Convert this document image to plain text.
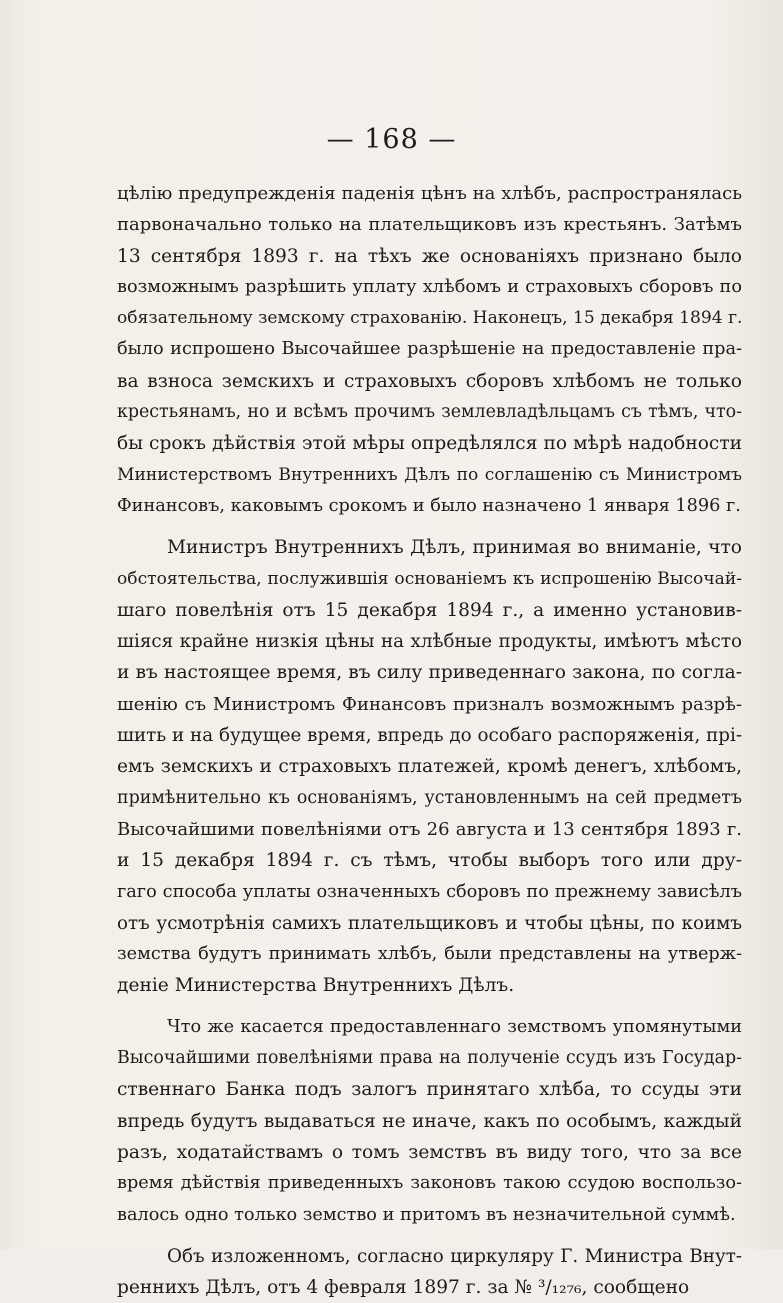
— 168 —
цѣлію предупрежденія паденія цѣнъ на хлѣбъ, распространялась
парвоначально только на плательщиковъ изъ крестьянъ. Затѣмъ
13 сентября 1893 г. на тѣхъ же основаніяхъ признано было
возможнымъ разрѣшить уплату хлѣбомъ и страховыхъ сборовъ по
обязательному земскому страхованію. Наконецъ, 15 декабря 1894 г.
было испрошено Высочайшее разрѣшеніе на предоставленіе пра-
ва взноса земскихъ и страховыхъ сборовъ хлѣбомъ не только
крестьянамъ, но и всѣмъ прочимъ землевладѣльцамъ съ тѣмъ, что-
бы срокъ дѣйствія этой мѣры опредѣлялся по мѣрѣ надобности
Министерствомъ Внутреннихъ Дѣлъ по соглашенію съ Министромъ
Финансовъ, каковымъ срокомъ и было назначено 1 января 1896 г.
Министръ Внутреннихъ Дѣлъ, принимая во вниманіе, что
обстоятельства, послужившія основаніемъ къ испрошенію Высочай-
шаго повелѣнія отъ 15 декабря 1894 г., а именно установив-
шіяся крайне низкія цѣны на хлѣбные продукты, имѣютъ мѣсто
и въ настоящее время, въ силу приведеннаго закона, по согла-
шенію съ Министромъ Финансовъ призналъ возможнымъ разрѣ-
шить и на будущее время, впредь до особаго распоряженія, прі-
емъ земскихъ и страховыхъ платежей, кромѣ денегъ, хлѣбомъ,
примѣнительно къ основаніямъ, установленнымъ на сей предметъ
Высочайшими повелѣніями отъ 26 августа и 13 сентября 1893 г.
и 15 декабря 1894 г. съ тѣмъ, чтобы выборъ того или дру-
гаго способа уплаты означенныхъ сборовъ по прежнему зависѣлъ
отъ усмотрѣнія самихъ плательщиковъ и чтобы цѣны, по коимъ
земства будутъ принимать хлѣбъ, были представлены на утверж-
деніе Министерства Внутреннихъ Дѣлъ.
Что же касается предоставленнаго земствомъ упомянутыми
Высочайшими повелѣніями права на полученіе ссудъ изъ Государ-
ственнаго Банка подъ залогъ принятаго хлѣба, то ссуды эти
впредь будутъ выдаваться не иначе, какъ по особымъ, каждый
разъ, ходатайствамъ о томъ земствъ въ виду того, что за все
время дѣйствія приведенныхъ законовъ такою ссудою воспользо-
валось одно только земство и притомъ въ незначительной суммѣ.
Объ изложенномъ, согласно циркуляру Г. Министра Внут-
реннихъ Дѣлъ, отъ 4 февраля 1897 г. за № ³/₁₂₇₆, сообщено
